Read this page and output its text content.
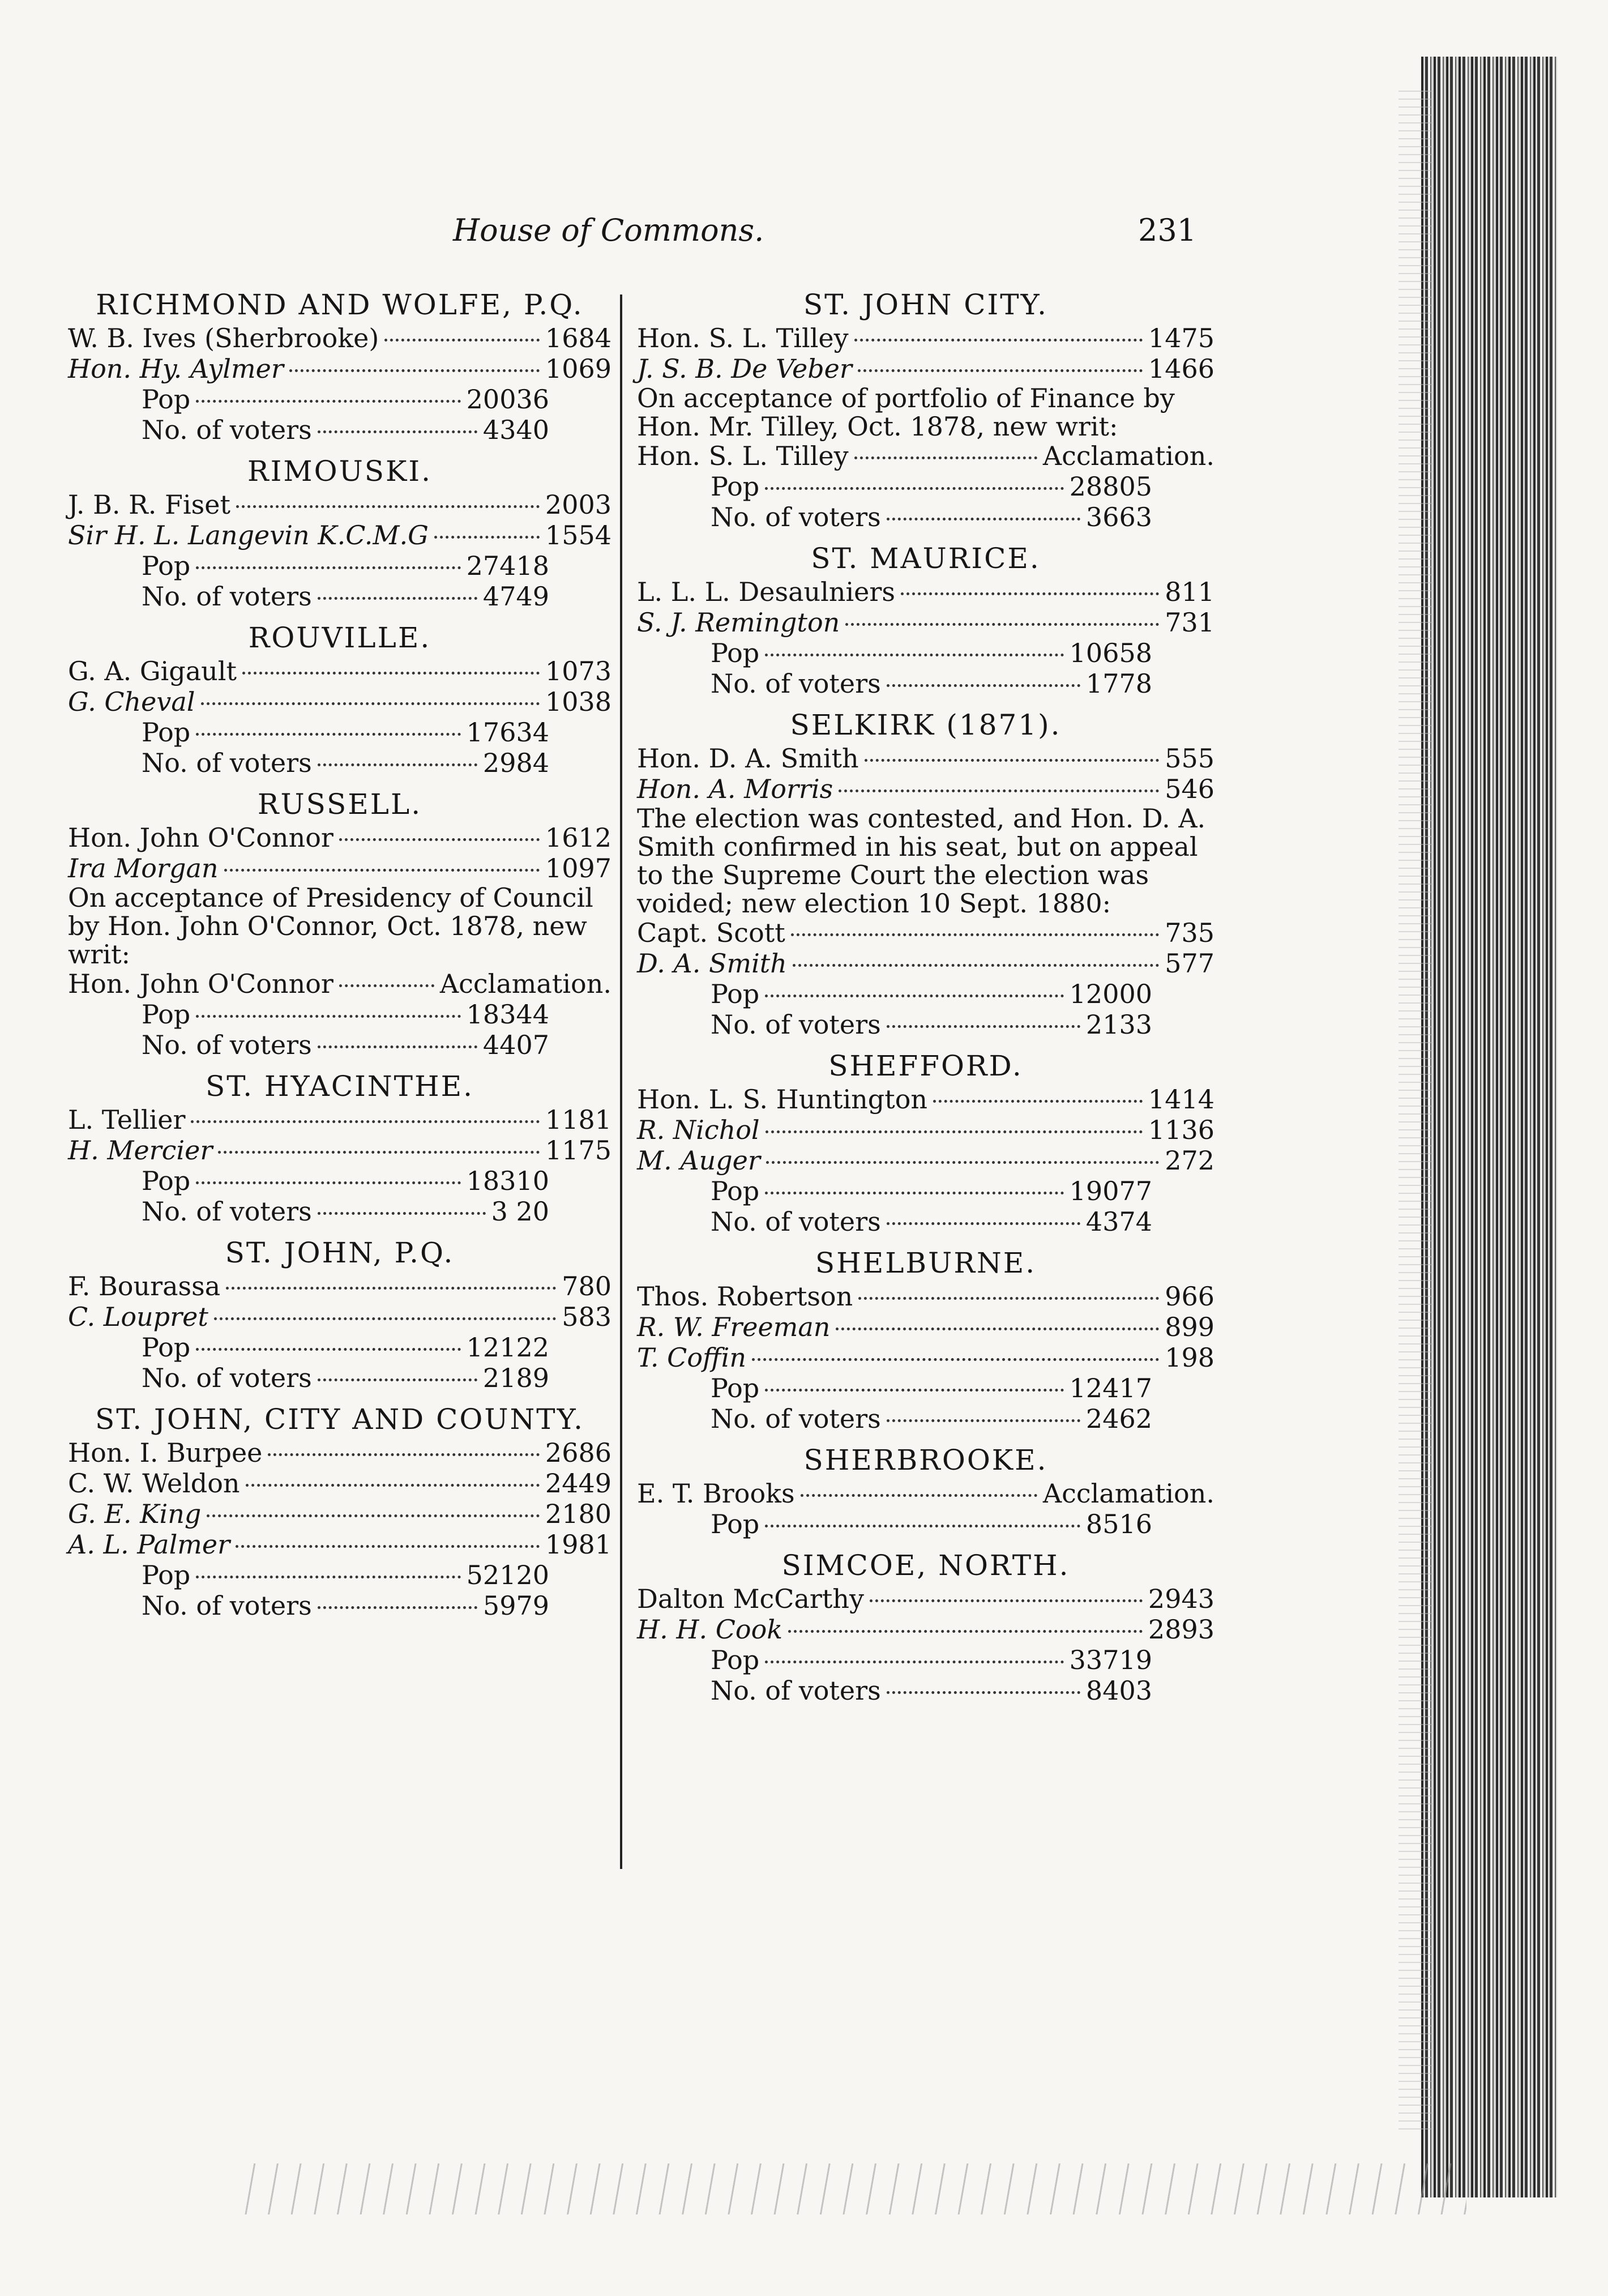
House of Commons.	231
RICHMOND AND WOLFE, P.Q.
W. B. Ives (Sherbrooke)	1684
Hon. Hy. Aylmer	1069
Pop	20036
No. of voters	4340
RIMOUSKI.
J. B. R. Fiset	2003
Sir H. L. Langevin K.C.M.G	1554
Pop	27418
No. of voters	4749
ROUVILLE.
G. A. Gigault	1073
G. Cheval	1038
Pop	17634
No. of voters	2984
RUSSELL.
Hon. John O'Connor	1612
Ira Morgan	1097
On acceptance of Presidency of Council by Hon. John O'Connor, Oct. 1878, new writ:
Hon. John O'Connor	Acclamation.
Pop	18344
No. of voters	4407
ST. HYACINTHE.
L. Tellier	1181
H. Mercier	1175
Pop	18310
No. of voters	3 20
ST. JOHN, P.Q.
F. Bourassa	780
C. Loupret	583
Pop	12122
No. of voters	2189
ST. JOHN, CITY AND COUNTY.
Hon. I. Burpee	2686
C. W. Weldon	2449
G. E. King	2180
A. L. Palmer	1981
Pop	52120
No. of voters	5979
ST. JOHN CITY.
Hon. S. L. Tilley	1475
J. S. B. De Veber	1466
On acceptance of portfolio of Finance by Hon. Mr. Tilley, Oct. 1878, new writ:
Hon. S. L. Tilley	Acclamation.
Pop	28805
No. of voters	3663
ST. MAURICE.
L. L. L. Desaulniers	811
S. J. Remington	731
Pop	10658
No. of voters	1778
SELKIRK (1871).
Hon. D. A. Smith	555
Hon. A. Morris	546
The election was contested, and Hon. D. A. Smith confirmed in his seat, but on appeal to the Supreme Court the election was voided; new election 10 Sept. 1880:
Capt. Scott	735
D. A. Smith	577
Pop	12000
No. of voters	2133
SHEFFORD.
Hon. L. S. Huntington	1414
R. Nichol	1136
M. Auger	272
Pop	19077
No. of voters	4374
SHELBURNE.
Thos. Robertson	966
R. W. Freeman	899
T. Coffin	198
Pop	12417
No. of voters	2462
SHERBROOKE.
E. T. Brooks	Acclamation.
Pop	8516
SIMCOE, NORTH.
Dalton McCarthy	2943
H. H. Cook	2893
Pop	33719
No. of voters	8403
